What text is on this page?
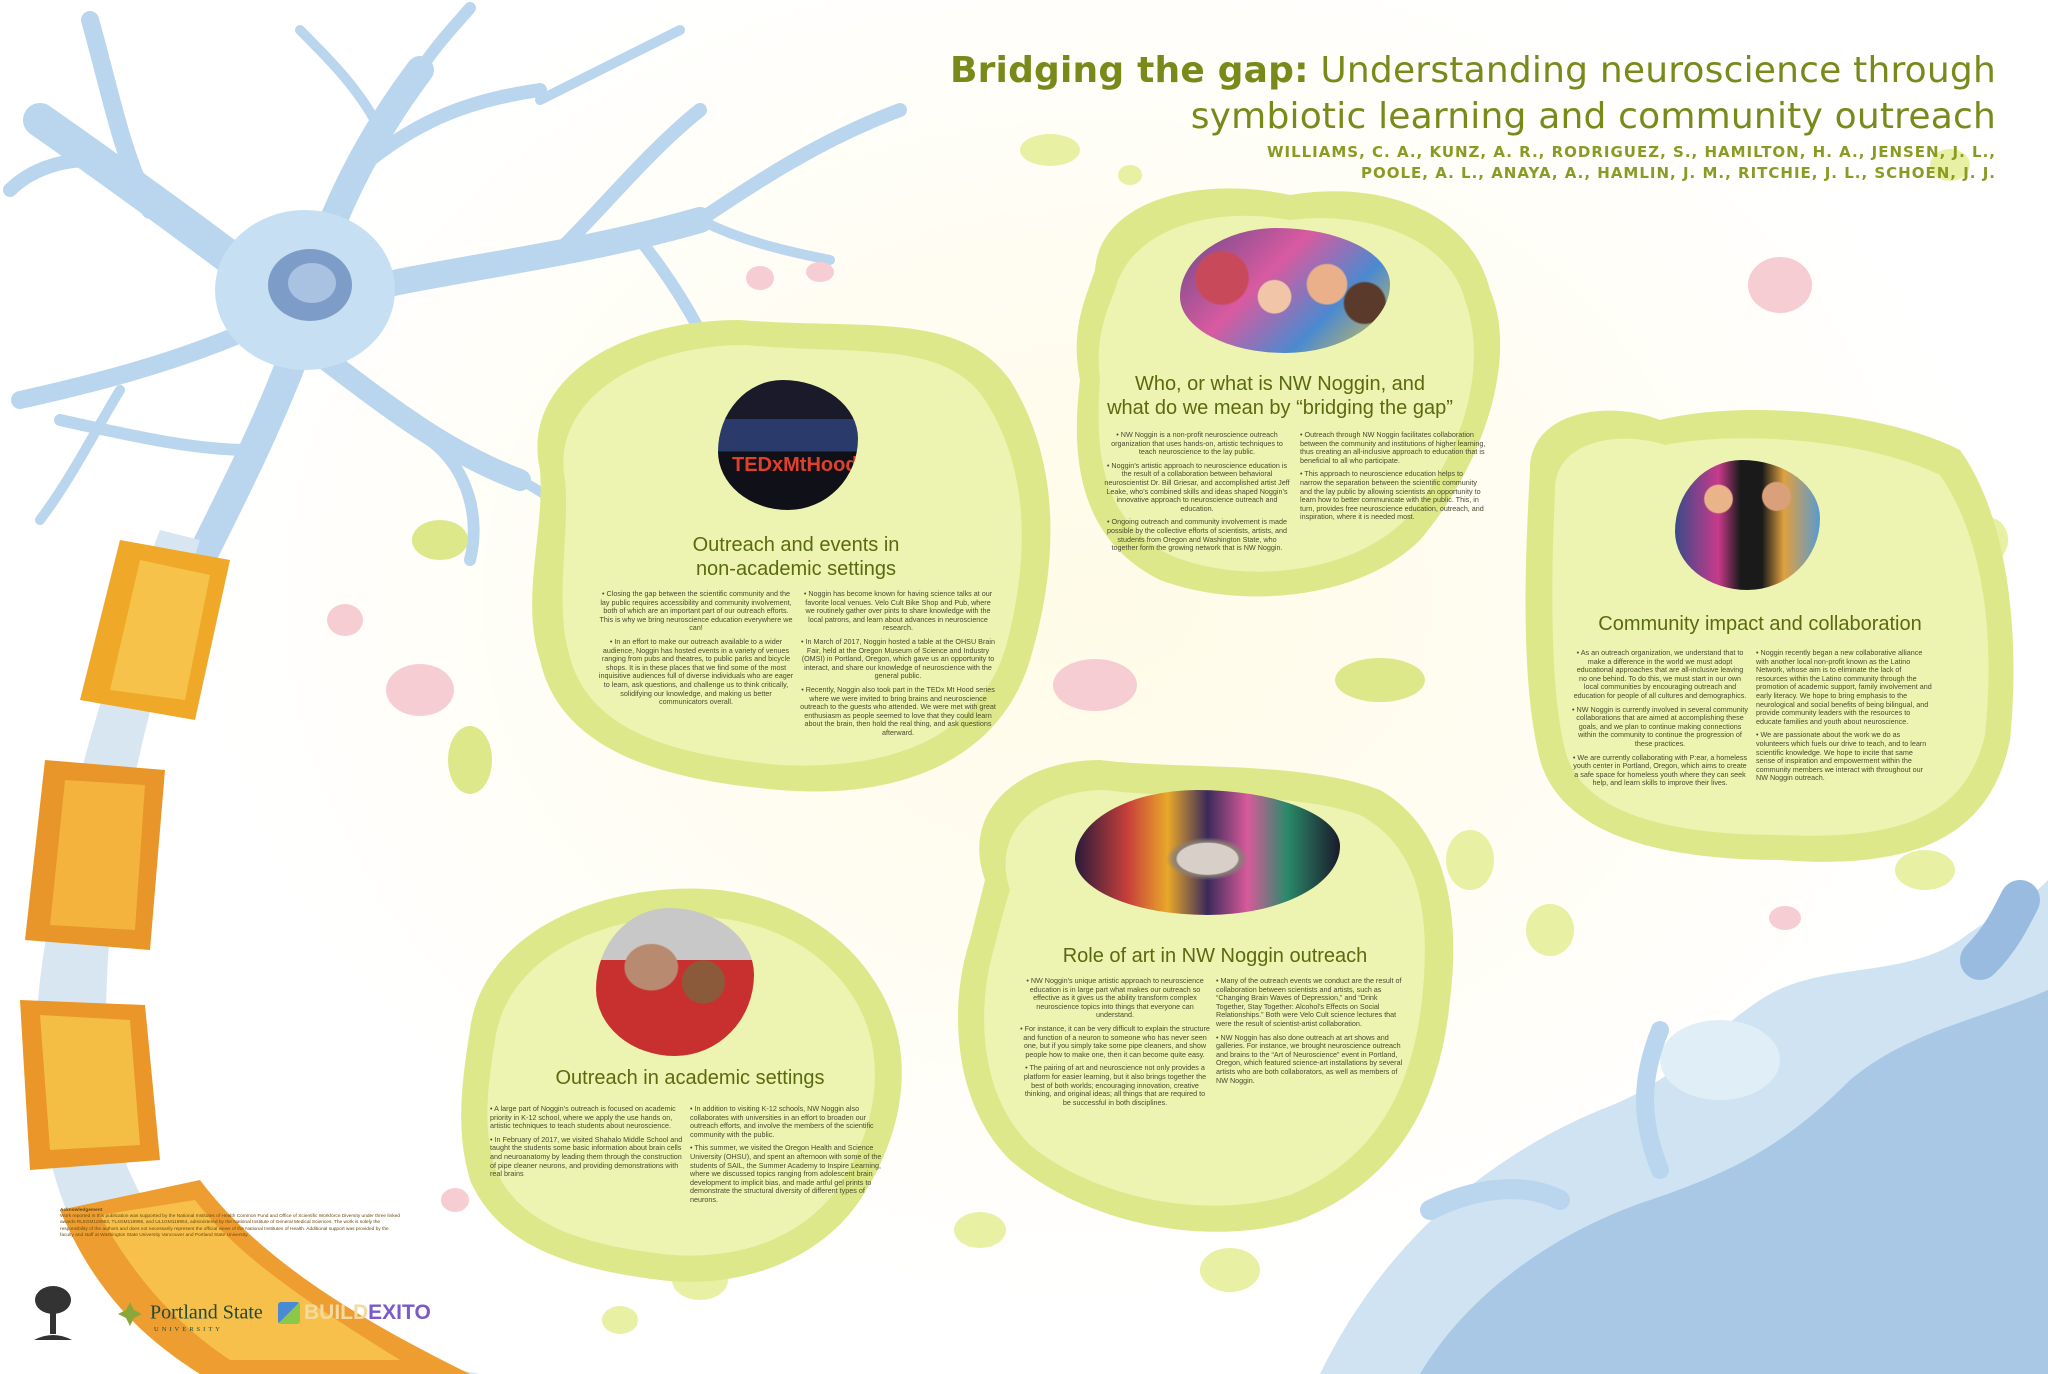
Bridging the gap: Understanding neuroscience through
symbiotic learning and community outreach
WILLIAMS, C. A., KUNZ, A. R., RODRIGUEZ, S., HAMILTON, H. A., JENSEN, J. L.,
POOLE, A. L., ANAYA, A., HAMLIN, J. M., RITCHIE, J. L., SCHOEN, J. J.
Who, or what is NW Noggin, and
what do we mean by “bridging the gap”

• NW Noggin is a non-profit neuroscience outreach organization that uses hands-on, artistic techniques to teach neuroscience to the lay public.

• Noggin’s artistic approach to neuroscience education is the result of a collaboration between behavioral neuroscientist Dr. Bill Griesar, and accomplished artist Jeff Leake, who’s combined skills and ideas shaped Noggin’s innovative approach to neuroscience outreach and education.

• Ongoing outreach and community involvement is made possible by the collective efforts of scientists, artists, and students from Oregon and Washington State, who together form the growing network that is NW Noggin.

• Outreach through NW Noggin facilitates collaboration between the community and institutions of higher learning, thus creating an all-inclusive approach to education that is beneficial to all who participate.

• This approach to neuroscience education helps to narrow the separation between the scientific community and the lay public by allowing scientists an opportunity to learn how to better communicate with the public. This, in turn, provides free neuroscience education, outreach, and inspiration, where it is needed most.

TEDxMtHood
Outreach and events in
non-academic settings

• Closing the gap between the scientific community and the lay public requires accessibility and community involvement, both of which are an important part of our outreach efforts. This is why we bring neuroscience education everywhere we can!

• In an effort to make our outreach available to a wider audience, Noggin has hosted events in a variety of venues ranging from pubs and theatres, to public parks and bicycle shops. It is in these places that we find some of the most inquisitive audiences full of diverse individuals who are eager to learn, ask questions, and challenge us to think critically, solidifying our knowledge, and making us better communicators overall.

• Noggin has become known for having science talks at our favorite local venues. Velo Cult Bike Shop and Pub, where we routinely gather over pints to share knowledge with the local patrons, and learn about advances in neuroscience research.

• In March of 2017, Noggin hosted a table at the OHSU Brain Fair, held at the Oregon Museum of Science and Industry (OMSI) in Portland, Oregon, which gave us an opportunity to interact, and share our knowledge of neuroscience with the general public.

• Recently, Noggin also took part in the TEDx Mt Hood series where we were invited to bring brains and neuroscience outreach to the guests who attended. We were met with great enthusiasm as people seemed to love that they could learn about the brain, then hold the real thing, and ask questions afterward.

Community impact and collaboration

• As an outreach organization, we understand that to make a difference in the world we must adopt educational approaches that are all-inclusive leaving no one behind. To do this, we must start in our own local communities by encouraging outreach and education for people of all cultures and demographics.

• NW Noggin is currently involved in several community collaborations that are aimed at accomplishing these goals, and we plan to continue making connections within the community to continue the progression of these practices.

• We are currently collaborating with P:ear, a homeless youth center in Portland, Oregon, which aims to create a safe space for homeless youth where they can seek help, and learn skills to improve their lives.

• Noggin recently began a new collaborative alliance with another local non-profit known as the Latino Network, whose aim is to eliminate the lack of resources within the Latino community through the promotion of academic support, family involvement and early literacy. We hope to bring emphasis to the neurological and social benefits of being bilingual, and provide community leaders with the resources to educate families and youth about neuroscience.

• We are passionate about the work we do as volunteers which fuels our drive to teach, and to learn scientific knowledge. We hope to incite that same sense of inspiration and empowerment within the community members we interact with throughout our NW Noggin outreach.

Role of art in NW Noggin outreach

• NW Noggin’s unique artistic approach to neuroscience education is in large part what makes our outreach so effective as it gives us the ability transform complex neuroscience topics into things that everyone can understand.

• For instance, it can be very difficult to explain the structure and function of a neuron to someone who has never seen one, but if you simply take some pipe cleaners, and show people how to make one, then it can become quite easy.

• The pairing of art and neuroscience not only provides a platform for easier learning, but it also brings together the best of both worlds; encouraging innovation, creative thinking, and original ideas; all things that are required to be successful in both disciplines.

• Many of the outreach events we conduct are the result of collaboration between scientists and artists, such as “Changing Brain Waves of Depression,” and “Drink Together, Stay Together: Alcohol’s Effects on Social Relationships.” Both were Velo Cult science lectures that were the result of scientist-artist collaboration.

• NW Noggin has also done outreach at art shows and galleries. For instance, we brought neuroscience outreach and brains to the “Art of Neuroscience” event in Portland, Oregon, which featured science-art installations by several artists who are both collaborators, as well as members of NW Noggin.

Outreach in academic settings

• A large part of Noggin’s outreach is focused on academic priority in K-12 school, where we apply the use hands on, artistic techniques to teach students about neuroscience.

• In February of 2017, we visited Shahalo Middle School and taught the students some basic information about brain cells and neuroanatomy by leading them through the construction of pipe cleaner neurons, and providing demonstrations with real brains

• In addition to visiting K-12 schools, NW Noggin also collaborates with universities in an effort to broaden our outreach efforts, and involve the members of the scientific community with the public.

• This summer, we visited the Oregon Health and Science University (OHSU), and spent an afternoon with some of the students of SAIL, the Summer Academy to Inspire Learning, where we discussed topics ranging from adolescent brain development to implicit bias, and made artful gel prints to demonstrate the structural diversity of different types of neurons.

Acknowledgement
Work reported in this publication was supported by the National Institutes of Health Common Fund and Office of Scientific Workforce Diversity under three linked awards RL5GM118963, TL4GM118965, and UL1GM118964, administered by the National Institute of General Medical Sciences. The work is solely the responsibility of the authors and does not necessarily represent the official views of the National Institutes of Health. Additional support was provided by the faculty and staff at Washington State University Vancouver and Portland State University.
Portland State
UNIVERSITY
BUILDEXITO
